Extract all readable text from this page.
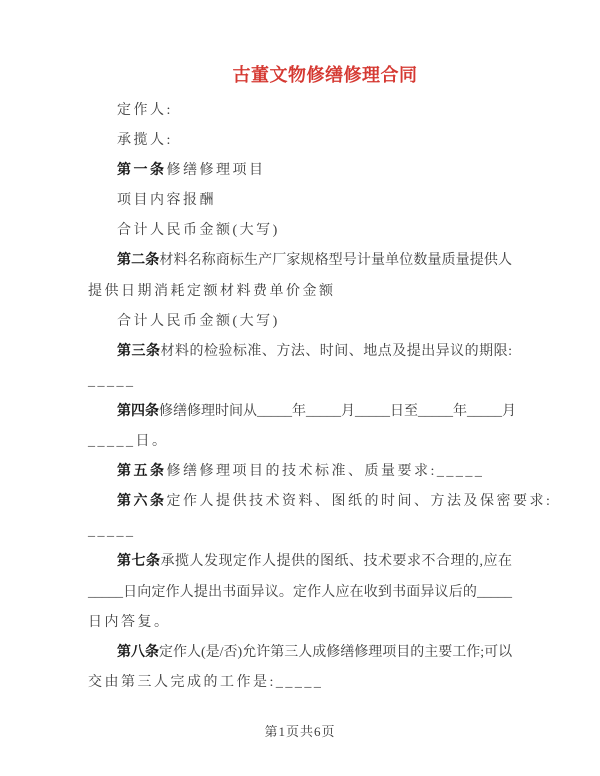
古董文物修缮修理合同
定作人:
承揽人:
第一条修缮修理项目
项目内容报酬
合计人民币金额(大写)
第二条材料名称商标生产厂家规格型号计量单位数量质量提供人
提供日期消耗定额材料费单价金额
合计人民币金额(大写)
第三条材料的检验标准、方法、时间、地点及提出异议的期限:
_____
第四条修缮修理时间从_____年_____月_____日至_____年_____月
_____日。
第五条修缮修理项目的技术标准、质量要求:_____
第六条定作人提供技术资料、图纸的时间、方法及保密要求:
_____
第七条承揽人发现定作人提供的图纸、技术要求不合理的,应在
_____日向定作人提出书面异议。定作人应在收到书面异议后的_____
日内答复。
第八条定作人(是/否)允许第三人成修缮修理项目的主要工作;可以
交由第三人完成的工作是:_____
第1页共6页
